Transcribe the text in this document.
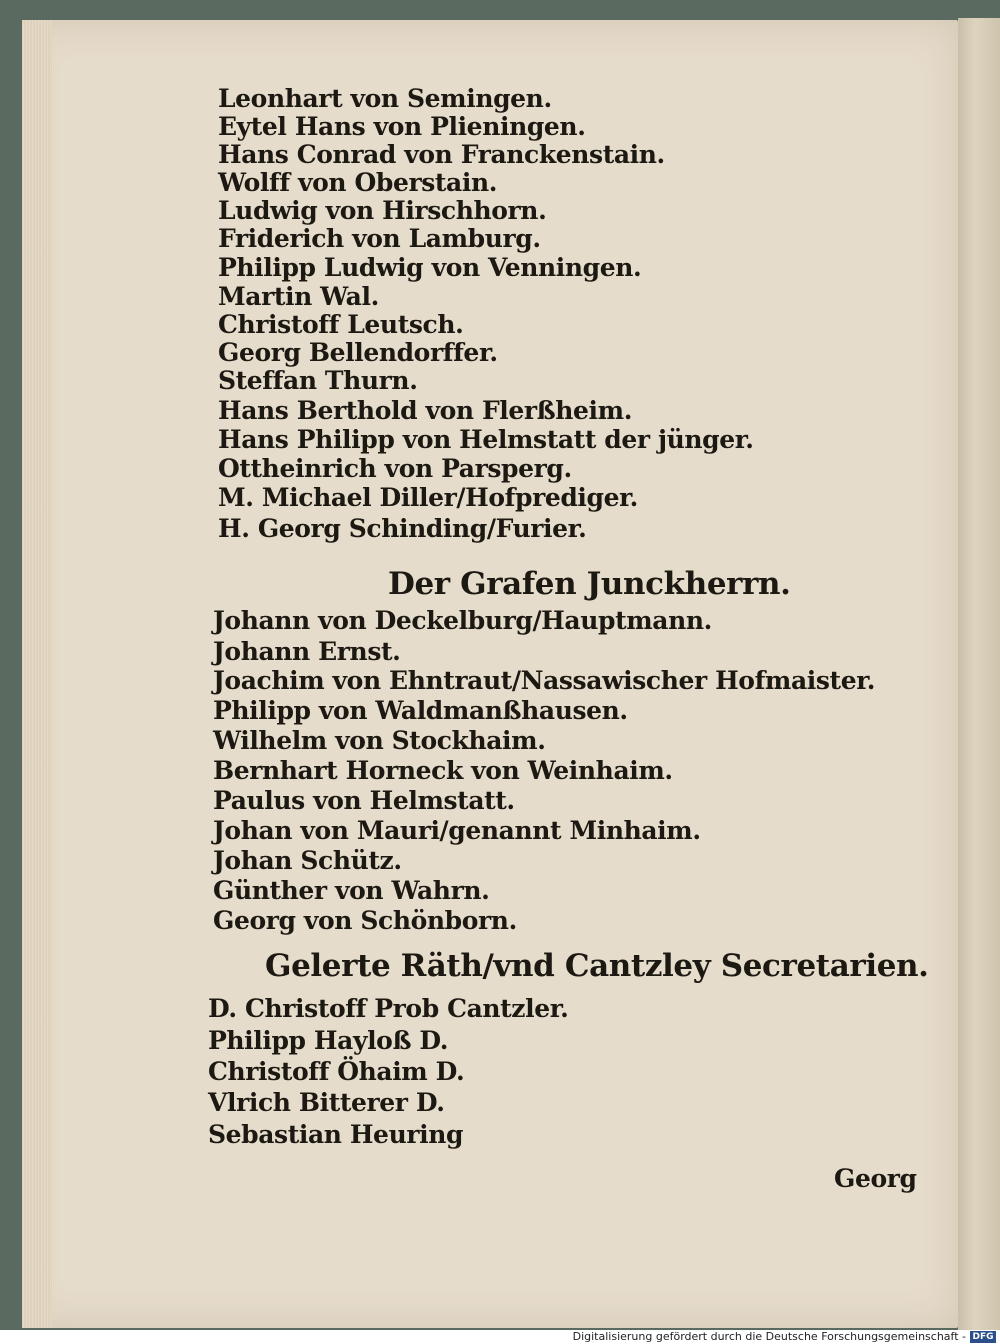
Leonhart von Semingen.
Eytel Hans von Plieningen.
Hans Conrad von Franckenstain.
Wolff von Oberstain.
Ludwig von Hirschhorn.
Friderich von Lamburg.
Philipp Ludwig von Venningen.
Martin Wal.
Christoff Leutsch.
Georg Bellendorffer.
Steffan Thurn.
Hans Berthold von Flerßheim.
Hans Philipp von Helmstatt der jünger.
Ottheinrich von Parsperg.
M. Michael Diller/Hofprediger.
H. Georg Schinding/Furier.
Der Grafen Junckherrn.
Johann von Deckelburg/Hauptmann.
Johann Ernst.
Joachim von Ehntraut/Nassawischer Hofmaister.
Philipp von Waldmanßhausen.
Wilhelm von Stockhaim.
Bernhart Horneck von Weinhaim.
Paulus von Helmstatt.
Johan von Mauri/genannt Minhaim.
Johan Schütz.
Günther von Wahrn.
Georg von Schönborn.
Gelerte Räth/vnd Cantzley Secretarien.
D. Christoff Prob Cantzler.
Philipp Hayloß D.
Christoff Öhaim D.
Vlrich Bitterer D.
Sebastian Heuring
Georg
Digitalisierung gefördert durch die Deutsche Forschungsgemeinschaft - DFG
